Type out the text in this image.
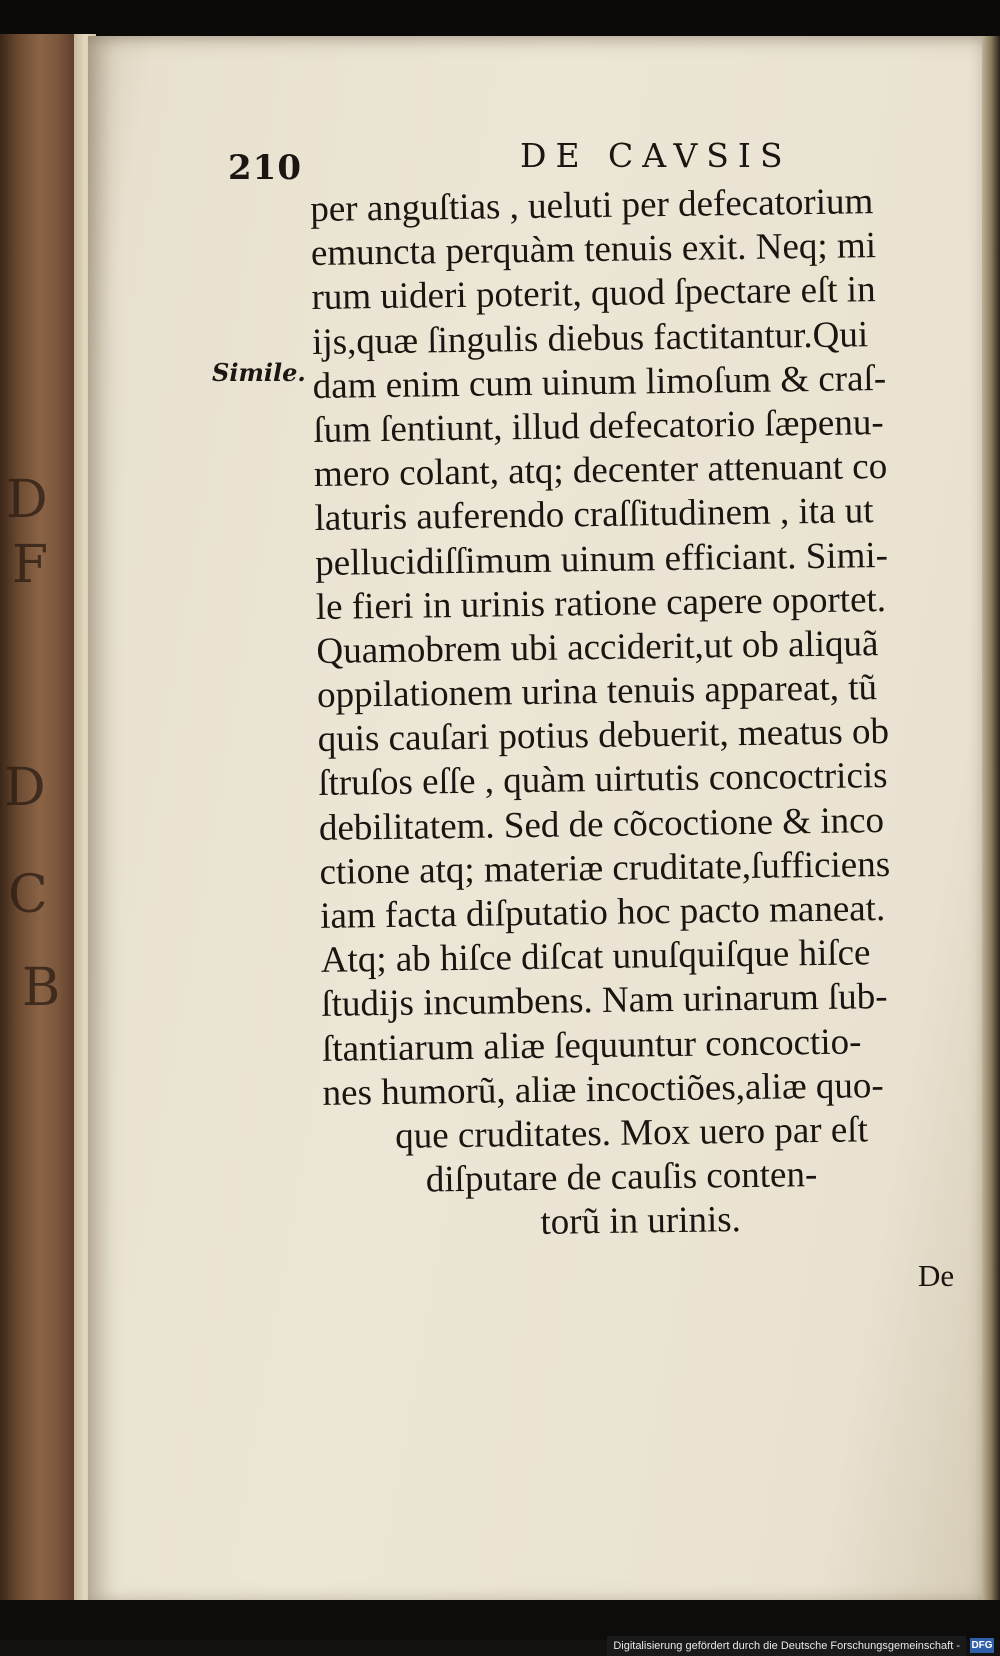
D
F
D
C
B
210	DE CAVSIS
Simile.
per anguſtias , ueluti per defecatorium
emuncta perquàm tenuis exit. Neq; mi
rum uideri poterit, quod ſpectare eſt in
ijs,quæ ſingulis diebus factitantur.Qui
dam enim cum uinum limoſum & craſ-
ſum ſentiunt, illud defecatorio ſæpenu-
mero colant, atq; decenter attenuant co
laturis auferendo craſſitudinem , ita ut
pellucidiſſimum uinum efficiant. Simi-
le fieri in urinis ratione capere oportet.
Quamobrem ubi acciderit,ut ob aliquã
oppilationem urina tenuis appareat, tũ
quis cauſari potius debuerit, meatus ob
ſtruſos eſſe , quàm uirtutis concoctricis
debilitatem. Sed de cõcoctione & inco
ctione atq; materiæ cruditate,ſufficiens
iam facta diſputatio hoc pacto maneat.
Atq; ab hiſce diſcat unuſquiſque hiſce
ſtudijs incumbens. Nam urinarum ſub-
ſtantiarum aliæ ſequuntur concoctio-
nes humorũ, aliæ incoctiões,aliæ quo-
que cruditates. Mox uero par eſt
diſputare de cauſis conten-
torũ in urinis.
De
Digitalisierung gefördert durch die Deutsche Forschungsgemeinschaft -	DFG
